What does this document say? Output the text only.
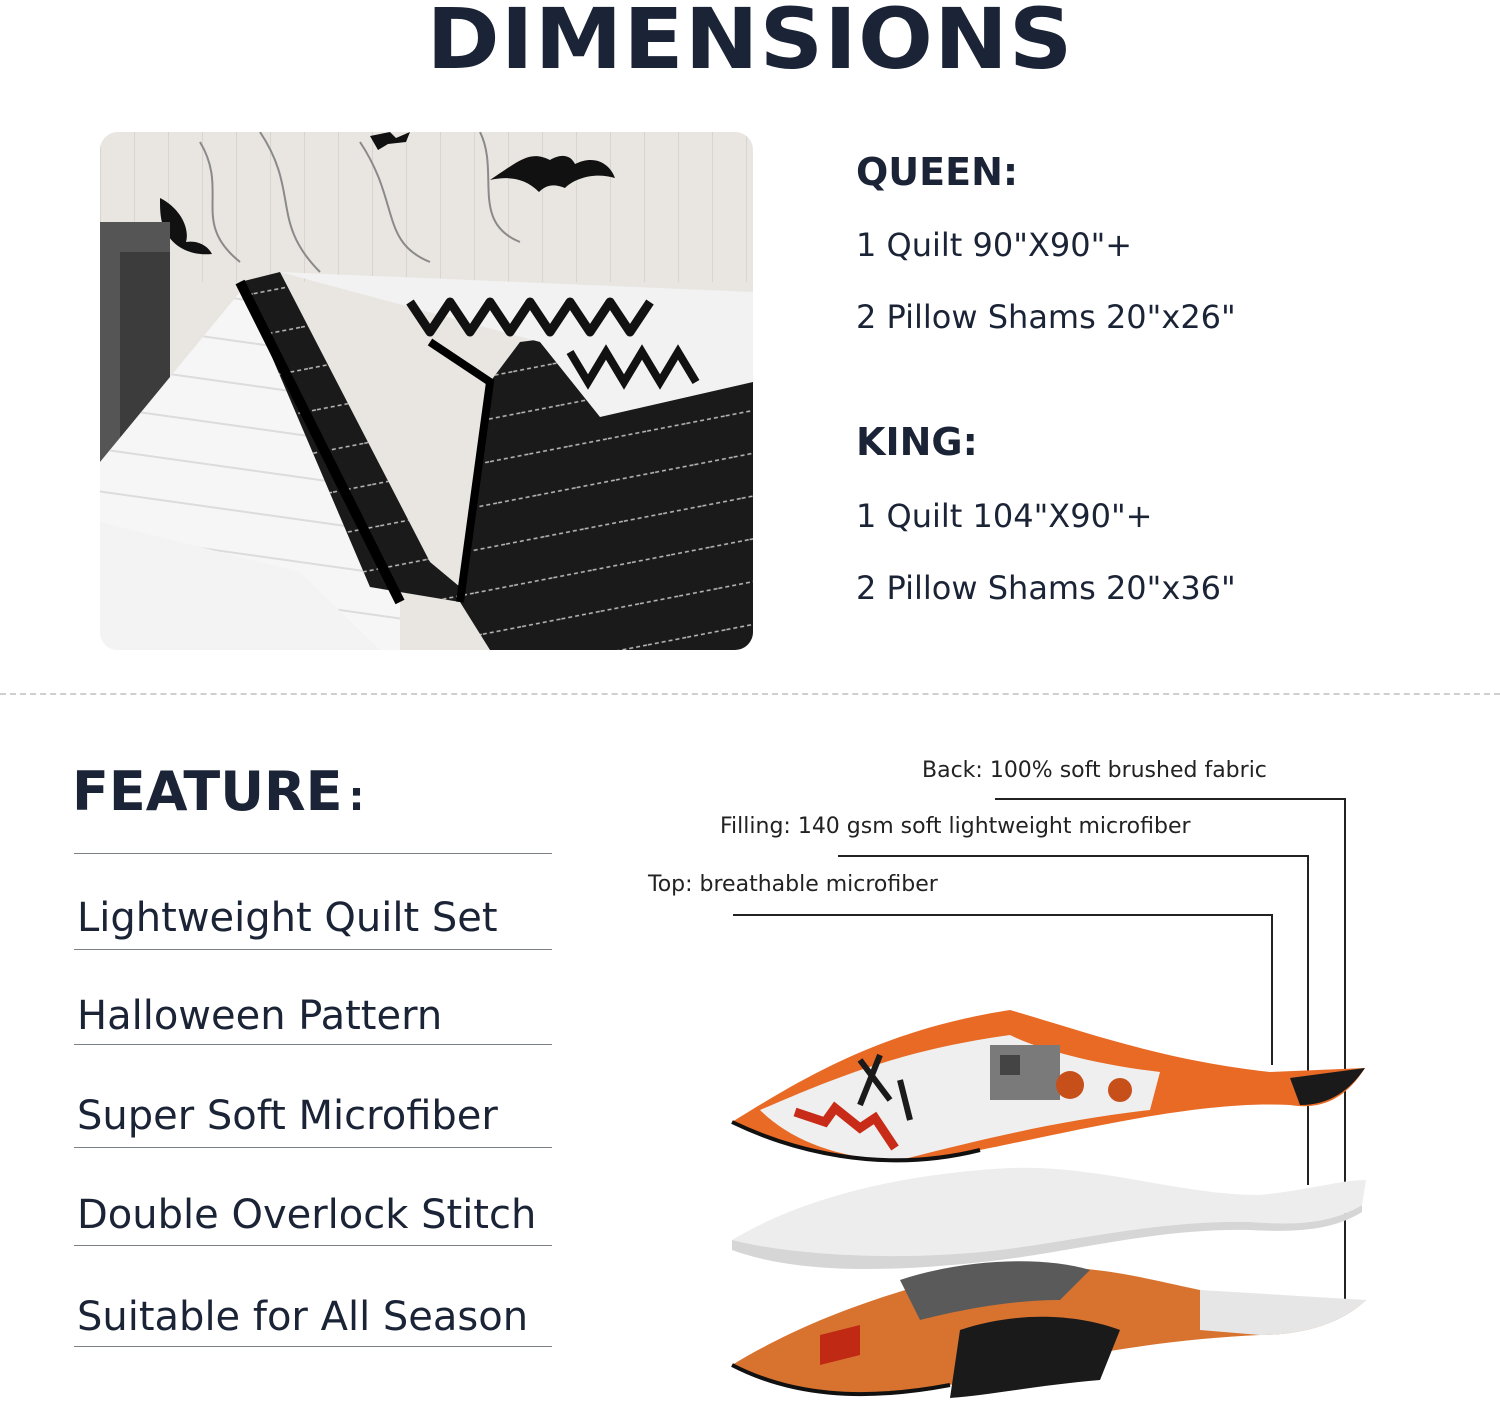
DIMENSIONS
QUEEN:
1 Quilt 90"X90"+
2 Pillow Shams 20"x26"
KING:
1 Quilt 104"X90"+
2 Pillow Shams 20"x36"
FEATURE :
Lightweight Quilt Set
Halloween Pattern
Super Soft Microfiber
Double Overlock Stitch
Suitable for All Season
Back: 100% soft brushed fabric
Filling: 140 gsm soft lightweight microfiber
Top: breathable microfiber
